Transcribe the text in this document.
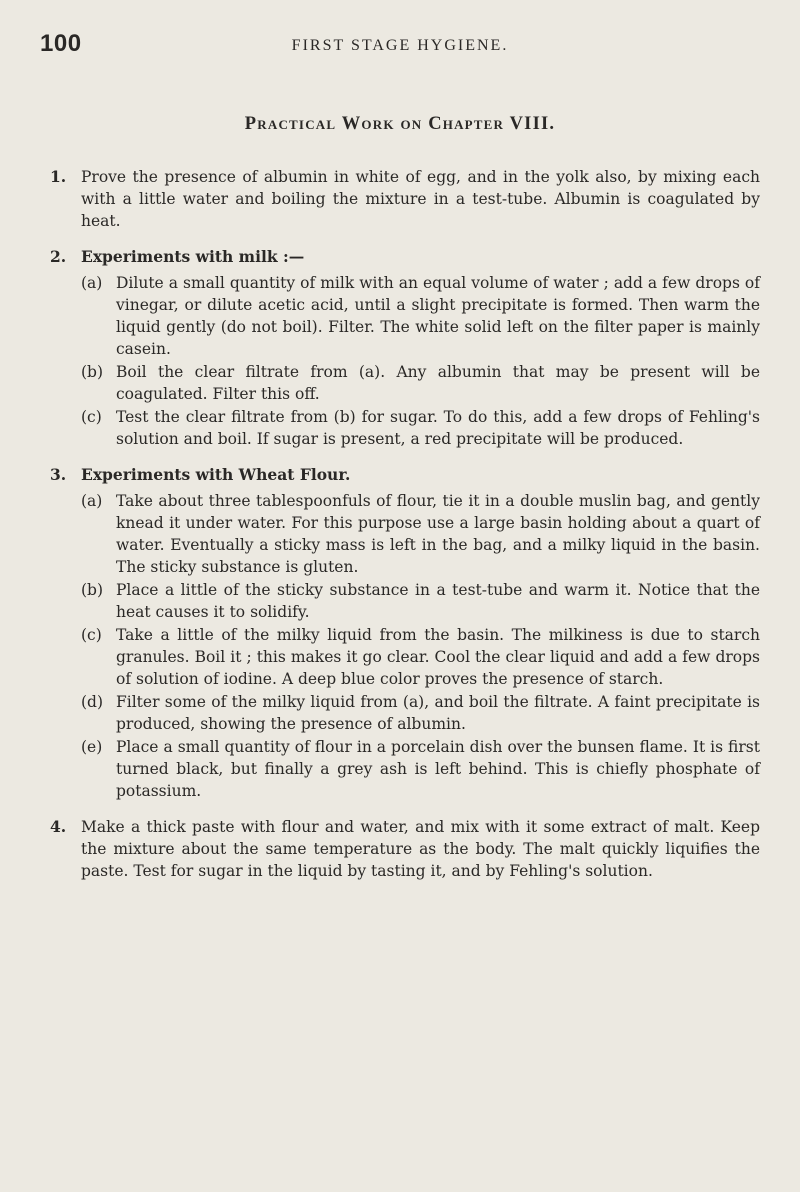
100	FIRST STAGE HYGIENE.
Practical Work on Chapter VIII.
1. Prove the presence of albumin in white of egg, and in the yolk also, by mixing each with a little water and boiling the mixture in a test-tube. Albumin is coagulated by heat.
2. Experiments with milk :—
(a) Dilute a small quantity of milk with an equal volume of water ; add a few drops of vinegar, or dilute acetic acid, until a slight precipitate is formed. Then warm the liquid gently (do not boil). Filter. The white solid left on the filter paper is mainly casein.
(b) Boil the clear filtrate from (a). Any albumin that may be present will be coagulated. Filter this off.
(c) Test the clear filtrate from (b) for sugar. To do this, add a few drops of Fehling's solution and boil. If sugar is present, a red precipitate will be produced.
3. Experiments with Wheat Flour.
(a) Take about three tablespoonfuls of flour, tie it in a double muslin bag, and gently knead it under water. For this purpose use a large basin holding about a quart of water. Eventually a sticky mass is left in the bag, and a milky liquid in the basin. The sticky substance is gluten.
(b) Place a little of the sticky substance in a test-tube and warm it. Notice that the heat causes it to solidify.
(c) Take a little of the milky liquid from the basin. The milkiness is due to starch granules. Boil it ; this makes it go clear. Cool the clear liquid and add a few drops of solution of iodine. A deep blue color proves the presence of starch.
(d) Filter some of the milky liquid from (a), and boil the filtrate. A faint precipitate is produced, showing the presence of albumin.
(e) Place a small quantity of flour in a porcelain dish over the bunsen flame. It is first turned black, but finally a grey ash is left behind. This is chiefly phosphate of potassium.
4. Make a thick paste with flour and water, and mix with it some extract of malt. Keep the mixture about the same temperature as the body. The malt quickly liquifies the paste. Test for sugar in the liquid by tasting it, and by Fehling's solution.
